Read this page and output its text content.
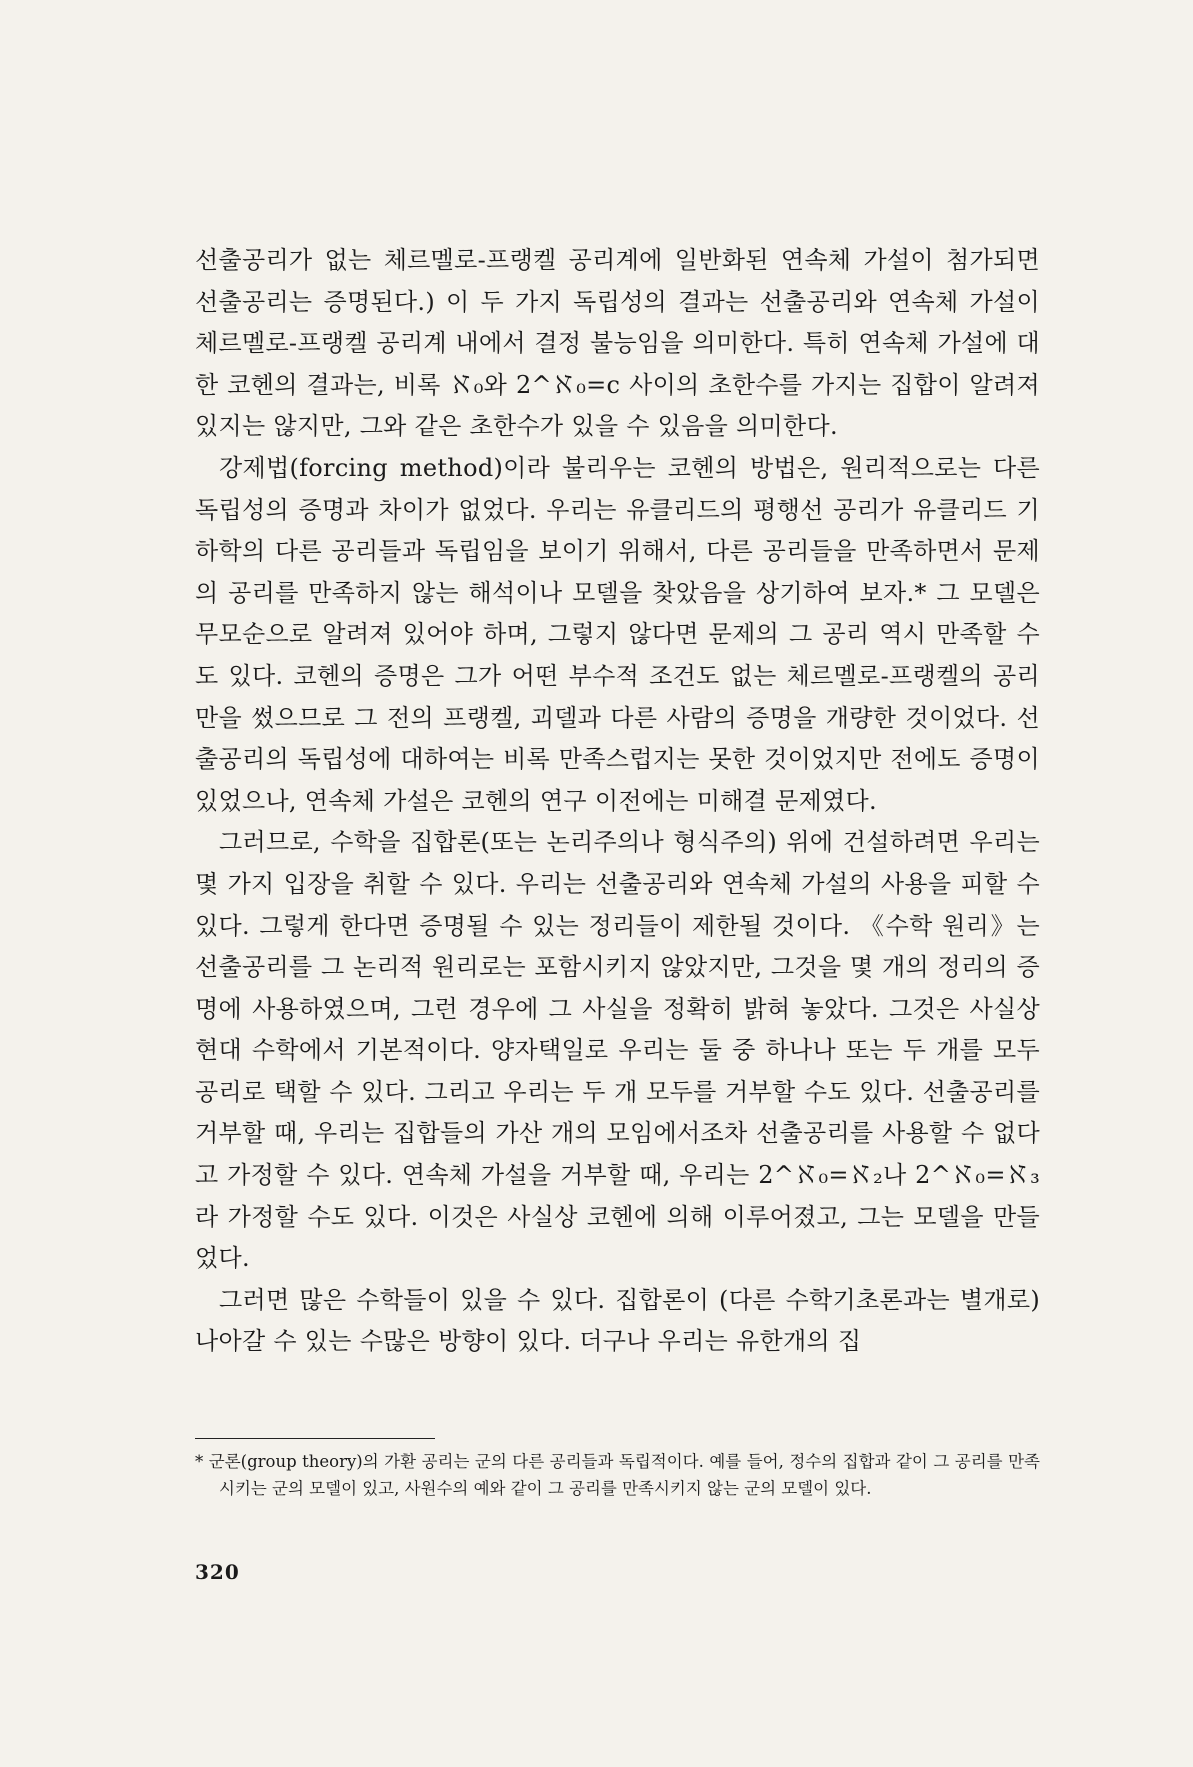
선출공리가 없는 체르멜로-프랭켈 공리계에 일반화된 연속체 가설이 첨가되면 선출공리는 증명된다.) 이 두 가지 독립성의 결과는 선출공리와 연속체 가설이 체르멜로-프랭켈 공리계 내에서 결정 불능임을 의미한다. 특히 연속체 가설에 대한 코헨의 결과는, 비록 ℵ₀와 2^ℵ₀=c 사이의 초한수를 가지는 집합이 알려져 있지는 않지만, 그와 같은 초한수가 있을 수 있음을 의미한다.

강제법(forcing method)이라 불리우는 코헨의 방법은, 원리적으로는 다른 독립성의 증명과 차이가 없었다. 우리는 유클리드의 평행선 공리가 유클리드 기하학의 다른 공리들과 독립임을 보이기 위해서, 다른 공리들을 만족하면서 문제의 공리를 만족하지 않는 해석이나 모델을 찾았음을 상기하여 보자.* 그 모델은 무모순으로 알려져 있어야 하며, 그렇지 않다면 문제의 그 공리 역시 만족할 수도 있다. 코헨의 증명은 그가 어떤 부수적 조건도 없는 체르멜로-프랭켈의 공리만을 썼으므로 그 전의 프랭켈, 괴델과 다른 사람의 증명을 개량한 것이었다. 선출공리의 독립성에 대하여는 비록 만족스럽지는 못한 것이었지만 전에도 증명이 있었으나, 연속체 가설은 코헨의 연구 이전에는 미해결 문제였다.

그러므로, 수학을 집합론(또는 논리주의나 형식주의) 위에 건설하려면 우리는 몇 가지 입장을 취할 수 있다. 우리는 선출공리와 연속체 가설의 사용을 피할 수 있다. 그렇게 한다면 증명될 수 있는 정리들이 제한될 것이다. 《수학 원리》는 선출공리를 그 논리적 원리로는 포함시키지 않았지만, 그것을 몇 개의 정리의 증명에 사용하였으며, 그런 경우에 그 사실을 정확히 밝혀 놓았다. 그것은 사실상 현대 수학에서 기본적이다. 양자택일로 우리는 둘 중 하나나 또는 두 개를 모두 공리로 택할 수 있다. 그리고 우리는 두 개 모두를 거부할 수도 있다. 선출공리를 거부할 때, 우리는 집합들의 가산 개의 모임에서조차 선출공리를 사용할 수 없다고 가정할 수 있다. 연속체 가설을 거부할 때, 우리는 2^ℵ₀=ℵ₂나 2^ℵ₀=ℵ₃라 가정할 수도 있다. 이것은 사실상 코헨에 의해 이루어졌고, 그는 모델을 만들었다.

그러면 많은 수학들이 있을 수 있다. 집합론이 (다른 수학기초론과는 별개로) 나아갈 수 있는 수많은 방향이 있다. 더구나 우리는 유한개의 집

* 군론(group theory)의 가환 공리는 군의 다른 공리들과 독립적이다. 예를 들어, 정수의 집합과 같이 그 공리를 만족시키는 군의 모델이 있고, 사원수의 예와 같이 그 공리를 만족시키지 않는 군의 모델이 있다.
320
